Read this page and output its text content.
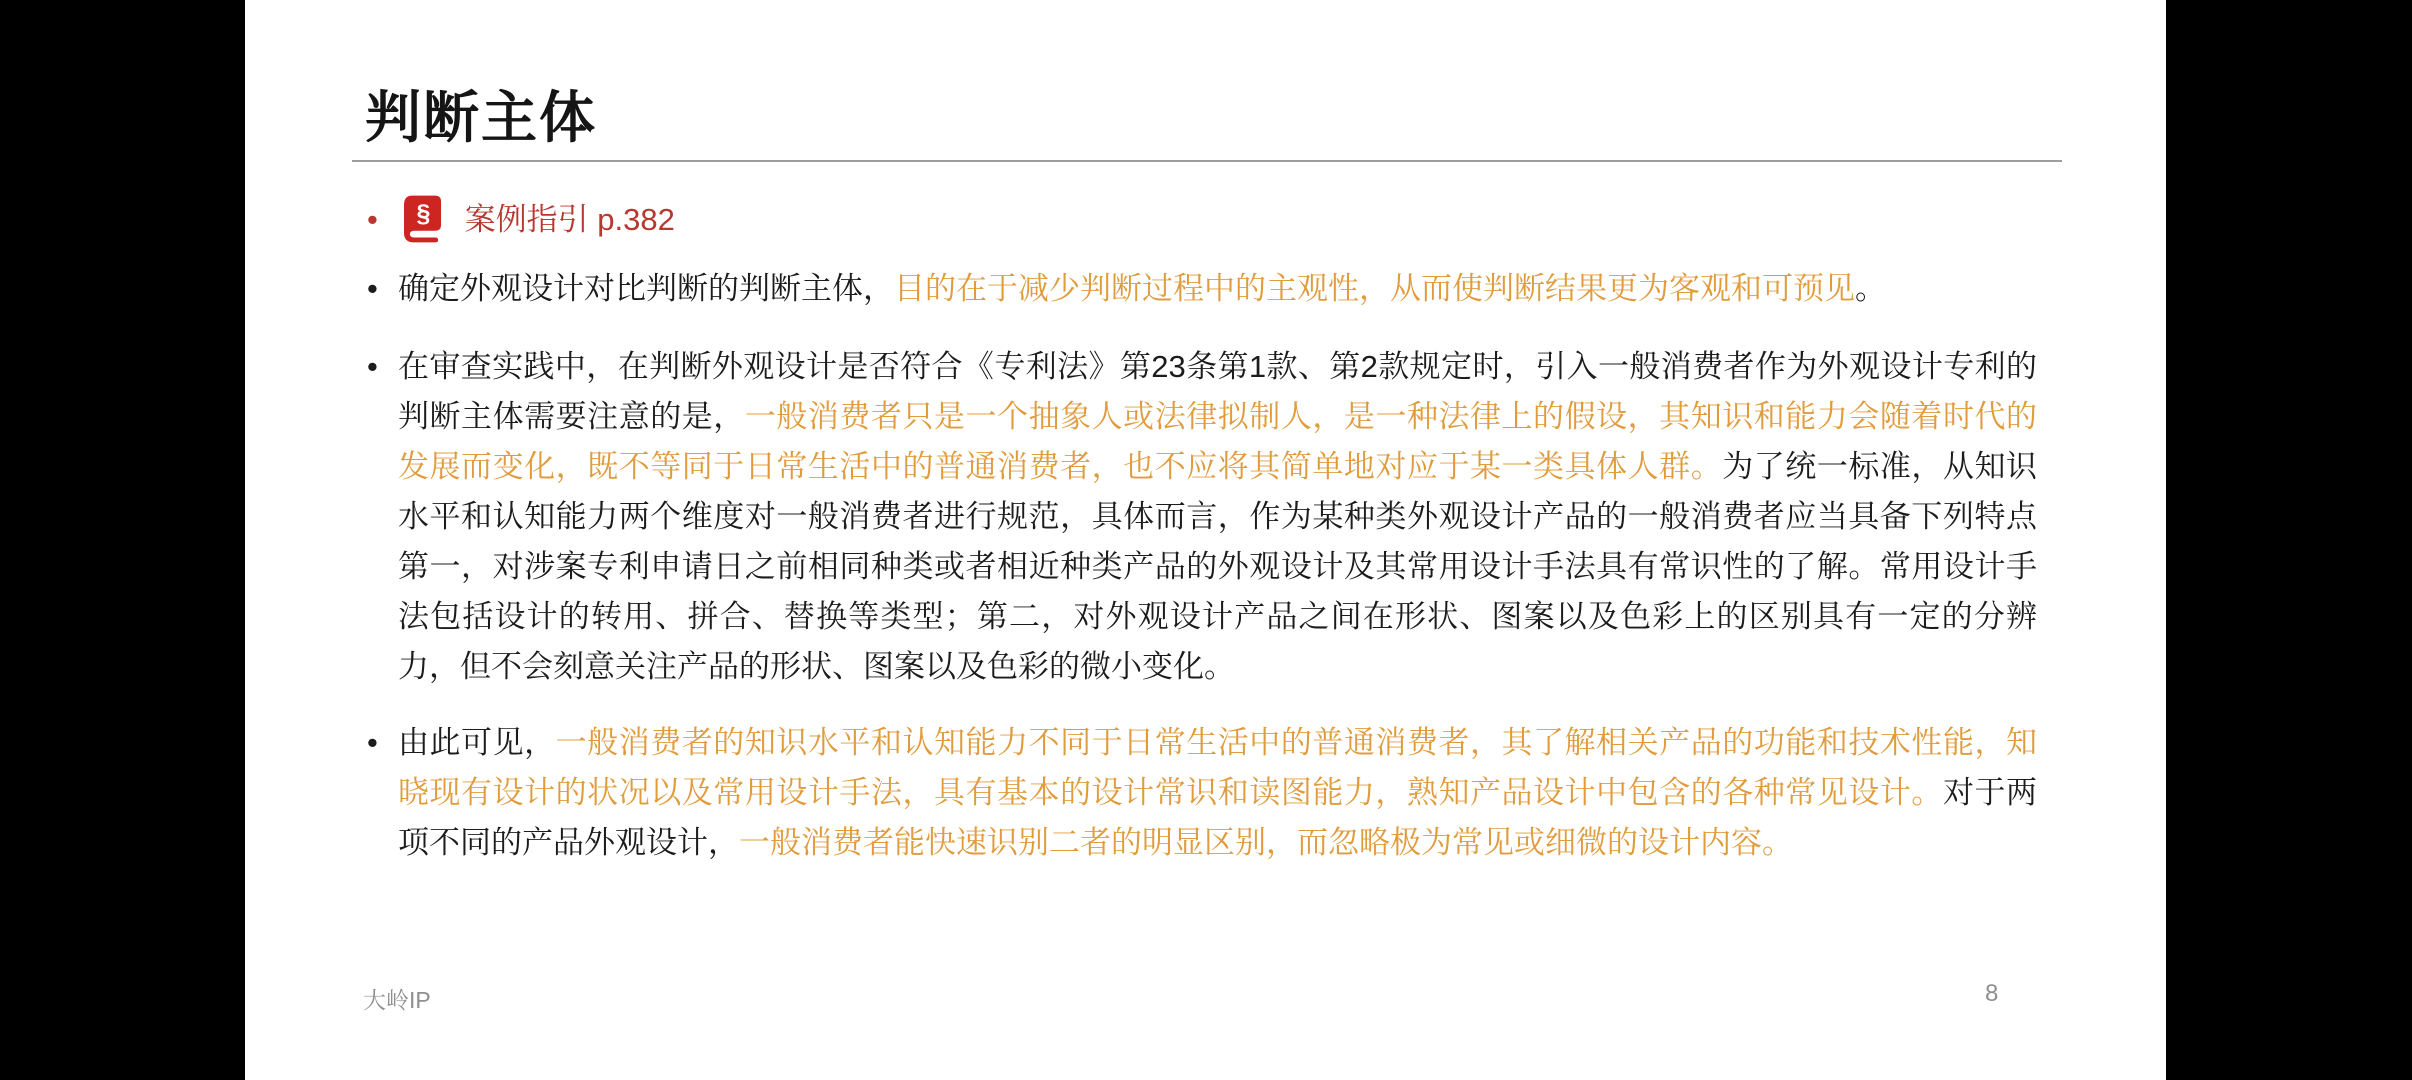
判断主体
• § 案例指引 p.382
• 确定外观设计对比判断的判断主体，目的在于减少判断过程中的主观性，从而使判断结果更为客观和可预见。
• 在审查实践中，在判断外观设计是否符合《专利法》第23条第1款、第2款规定时，引入一般消费者作为外观设计专利的判断主体需要注意的是，一般消费者只是一个抽象人或法律拟制人，是一种法律上的假设，其知识和能力会随着时代的发展而变化，既不等同于日常生活中的普通消费者，也不应将其简单地对应于某一类具体人群。为了统一标准，从知识水平和认知能力两个维度对一般消费者进行规范，具体而言，作为某种类外观设计产品的一般消费者应当具备下列特点第一，对涉案专利申请日之前相同种类或者相近种类产品的外观设计及其常用设计手法具有常识性的了解。常用设计手法包括设计的转用、拼合、替换等类型；第二，对外观设计产品之间在形状、图案以及色彩上的区别具有一定的分辨力，但不会刻意关注产品的形状、图案以及色彩的微小变化。
• 由此可见，一般消费者的知识水平和认知能力不同于日常生活中的普通消费者，其了解相关产品的功能和技术性能，知晓现有设计的状况以及常用设计手法，具有基本的设计常识和读图能力，熟知产品设计中包含的各种常见设计。对于两项不同的产品外观设计，一般消费者能快速识别二者的明显区别，而忽略极为常见或细微的设计内容。
大岭IP	8
